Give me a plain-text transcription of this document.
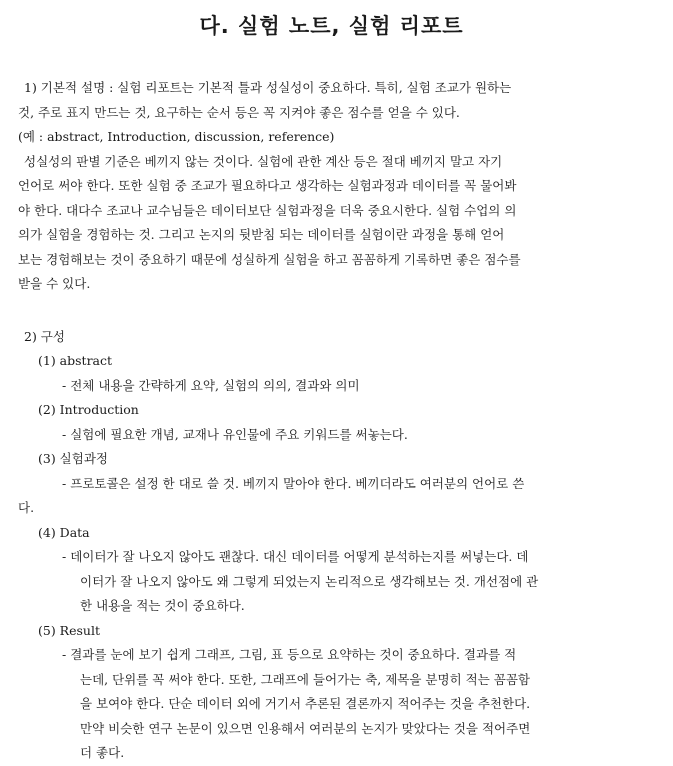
다. 실험 노트, 실험 리포트

1) 기본적 설명 : 실험 리포트는 기본적 틀과 성실성이 중요하다. 특히, 실험 조교가 원하는

것, 주로 표지 만드는 것, 요구하는 순서 등은 꼭 지켜야 좋은 점수를 얻을 수 있다.

(예 : abstract, Introduction, discussion, reference)

성실성의 판별 기준은 베끼지 않는 것이다. 실험에 관한 계산 등은 절대 베끼지 말고 자기

언어로 써야 한다. 또한 실험 중 조교가 필요하다고 생각하는 실험과정과 데이터를 꼭 물어봐

야 한다. 대다수 조교나 교수님들은 데이터보단 실험과정을 더욱 중요시한다. 실험 수업의 의

의가 실험을 경험하는 것. 그리고 논지의 뒷받침 되는 데이터를 실험이란 과정을 통해 얻어

보는 경험해보는 것이 중요하기 때문에 성실하게 실험을 하고 꼼꼼하게 기록하면 좋은 점수를

받을 수 있다.

2) 구성

(1) abstract

- 전체 내용을 간략하게 요약, 실험의 의의, 결과와 의미

(2) Introduction

- 실험에 필요한 개념, 교재나 유인물에 주요 키워드를 써놓는다.

(3) 실험과정

- 프로토콜은 설정 한 대로 쓸 것. 베끼지 말아야 한다. 베끼더라도 여러분의 언어로 쓴

다.

(4) Data

- 데이터가 잘 나오지 않아도 괜찮다. 대신 데이터를 어떻게 분석하는지를 써넣는다. 데

이터가 잘 나오지 않아도 왜 그렇게 되었는지 논리적으로 생각해보는 것. 개선점에 관

한 내용을 적는 것이 중요하다.

(5) Result

- 결과를 눈에 보기 쉽게 그래프, 그림, 표 등으로 요약하는 것이 중요하다. 결과를 적

는데, 단위를 꼭 써야 한다. 또한, 그래프에 들어가는 축, 제목을 분명히 적는 꼼꼼함

을 보여야 한다. 단순 데이터 외에 거기서 추론된 결론까지 적어주는 것을 추천한다.

만약 비슷한 연구 논문이 있으면 인용해서 여러분의 논지가 맞았다는 것을 적어주면

더 좋다.
